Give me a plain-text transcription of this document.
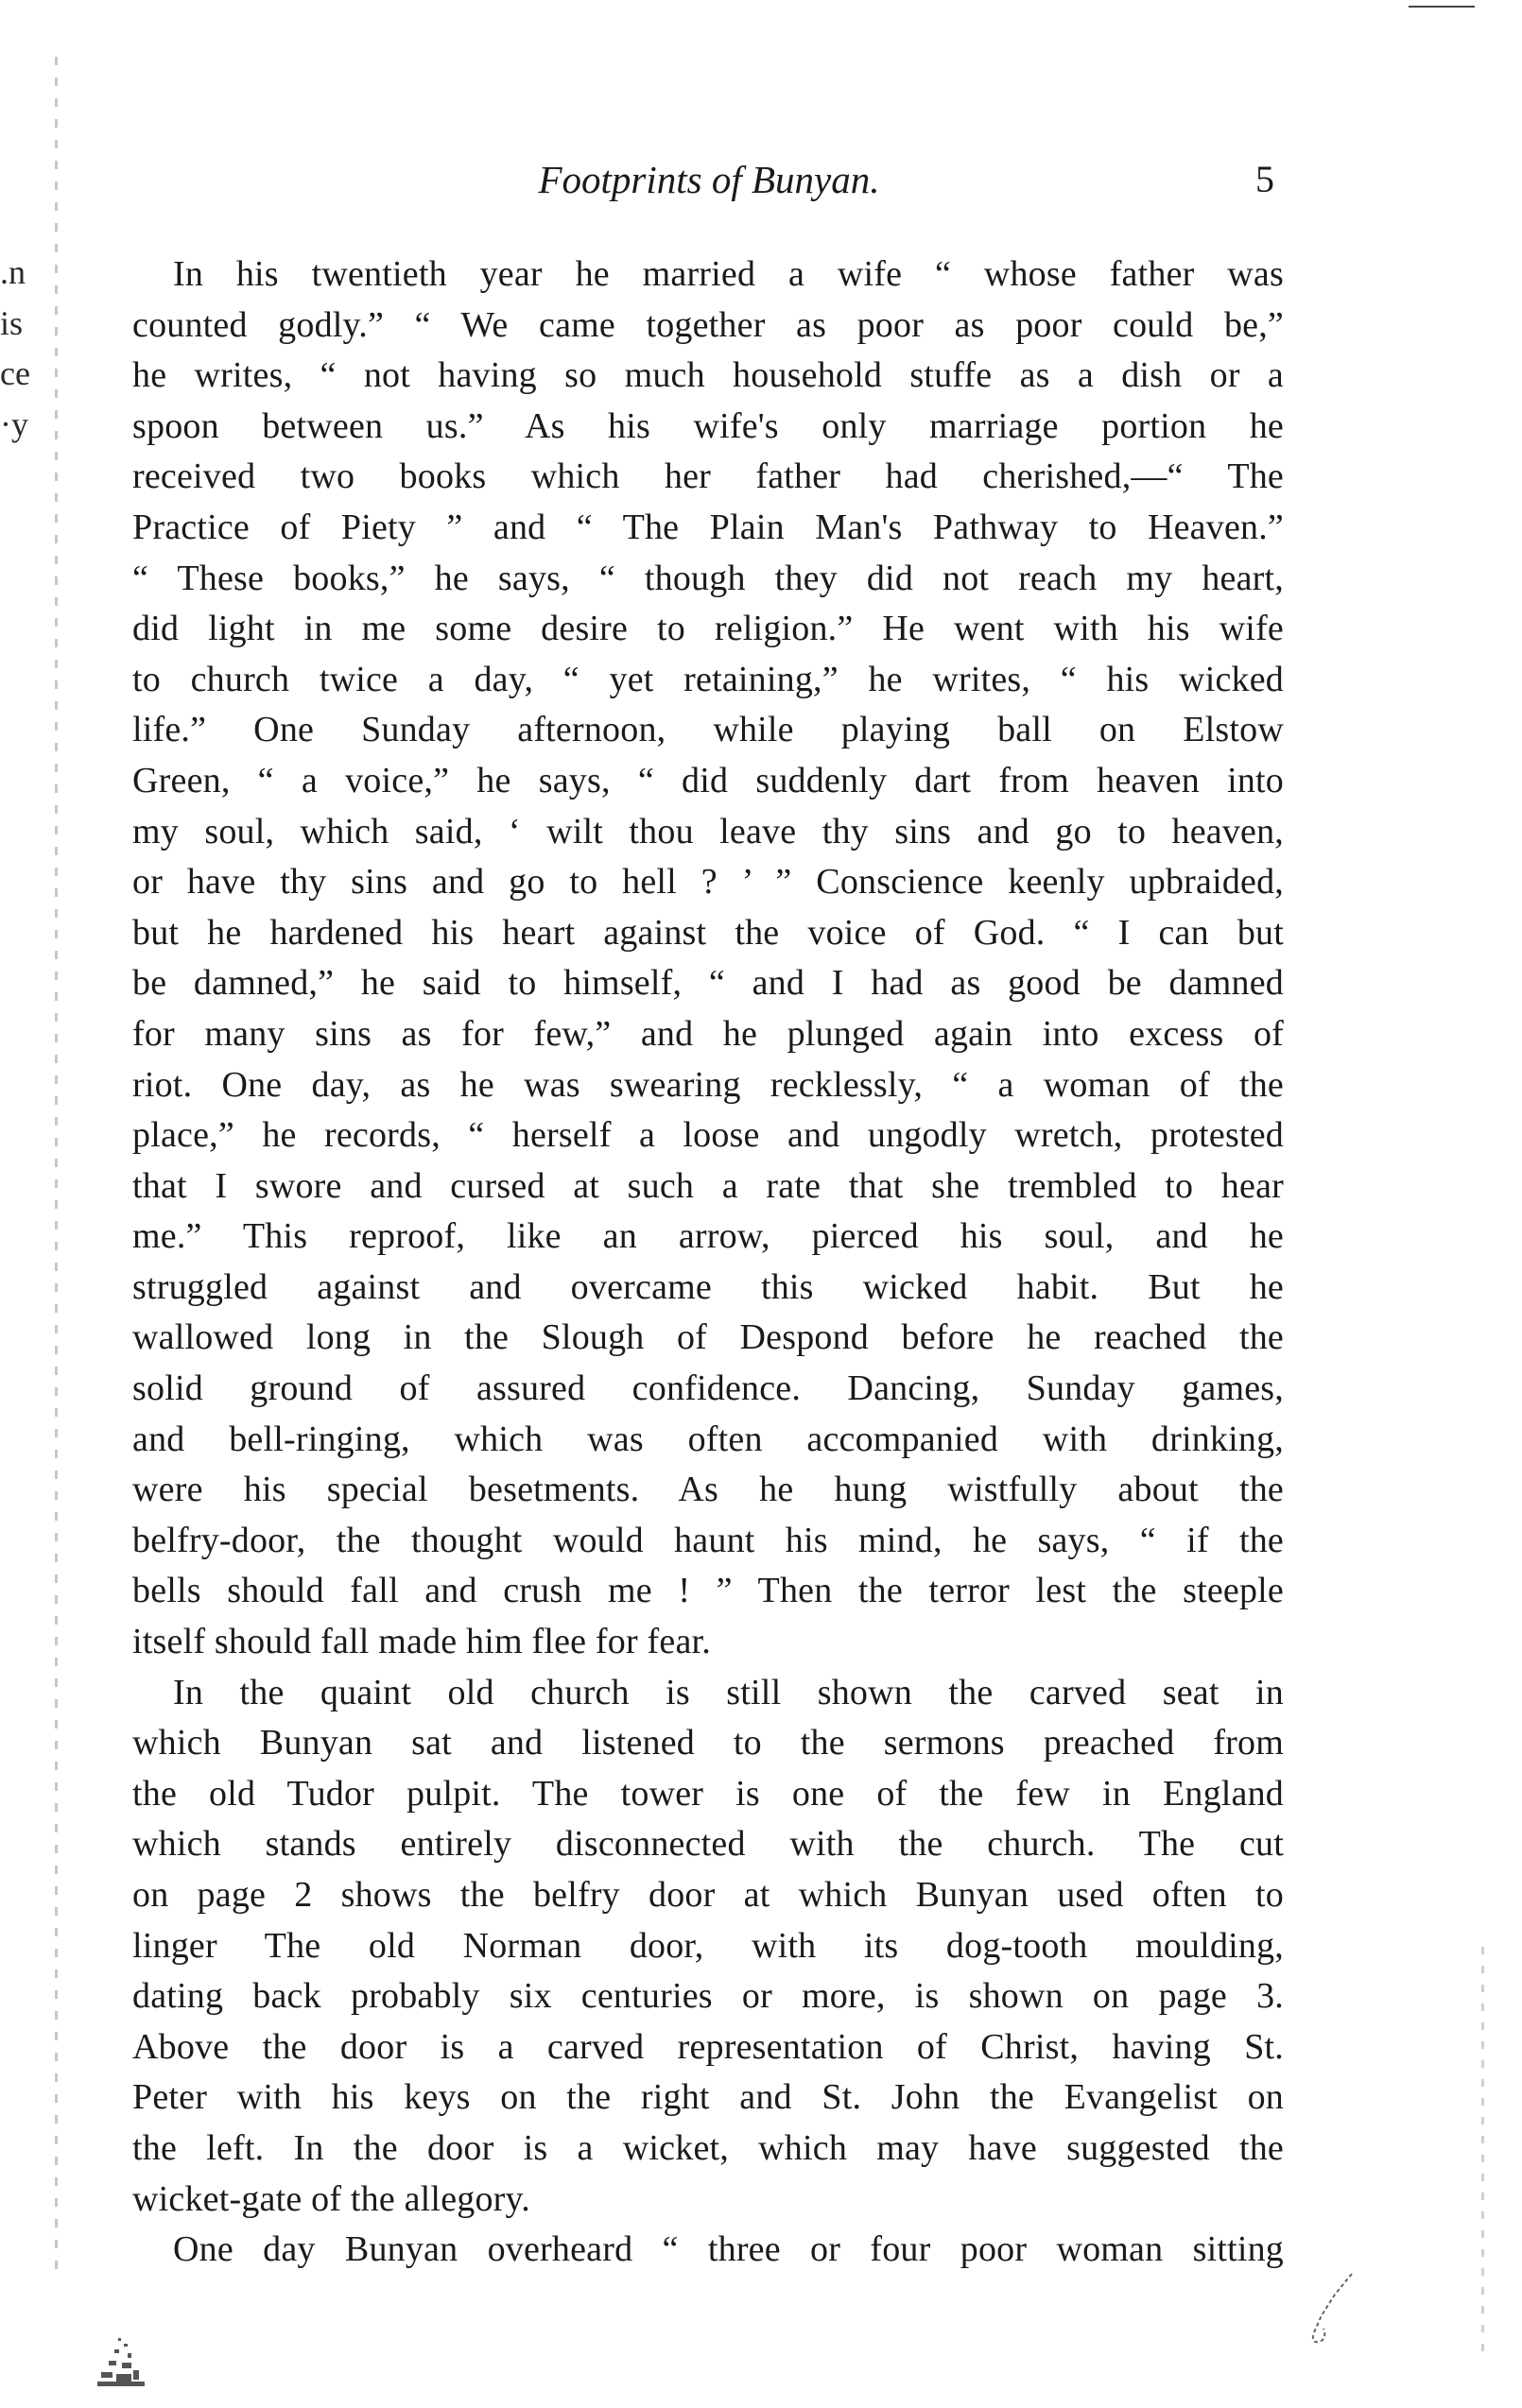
.n
is
ce
·y
Footprints of Bunyan.	5
In his twentieth year he married a wife “ whose father was
counted godly.” “ We came together as poor as poor could be,”
he writes, “ not having so much household stuffe as a dish or a
spoon between us.” As his wife's only marriage portion he
received two books which her father had cherished,—“ The
Practice of Piety ” and “ The Plain Man's Pathway to Heaven.”
“ These books,” he says, “ though they did not reach my heart,
did light in me some desire to religion.” He went with his wife
to church twice a day, “ yet retaining,” he writes, “ his wicked
life.” One Sunday afternoon, while playing ball on Elstow
Green, “ a voice,” he says, “ did suddenly dart from heaven into
my soul, which said, ‘ wilt thou leave thy sins and go to heaven,
or have thy sins and go to hell ? ’ ” Conscience keenly upbraided,
but he hardened his heart against the voice of God. “ I can but
be damned,” he said to himself, “ and I had as good be damned
for many sins as for few,” and he plunged again into excess of
riot. One day, as he was swearing recklessly, “ a woman of the
place,” he records, “ herself a loose and ungodly wretch, protested
that I swore and cursed at such a rate that she trembled to hear
me.” This reproof, like an arrow, pierced his soul, and he
struggled against and overcame this wicked habit. But he
wallowed long in the Slough of Despond before he reached the
solid ground of assured confidence. Dancing, Sunday games,
and bell-ringing, which was often accompanied with drinking,
were his special besetments. As he hung wistfully about the
belfry-door, the thought would haunt his mind, he says, “ if the
bells should fall and crush me ! ” Then the terror lest the steeple
itself should fall made him flee for fear.
In the quaint old church is still shown the carved seat in
which Bunyan sat and listened to the sermons preached from
the old Tudor pulpit. The tower is one of the few in England
which stands entirely disconnected with the church. The cut
on page 2 shows the belfry door at which Bunyan used often to
linger The old Norman door, with its dog-tooth moulding,
dating back probably six centuries or more, is shown on page 3.
Above the door is a carved representation of Christ, having St.
Peter with his keys on the right and St. John the Evangelist on
the left. In the door is a wicket, which may have suggested the
wicket-gate of the allegory.
One day Bunyan overheard “ three or four poor woman sitting
